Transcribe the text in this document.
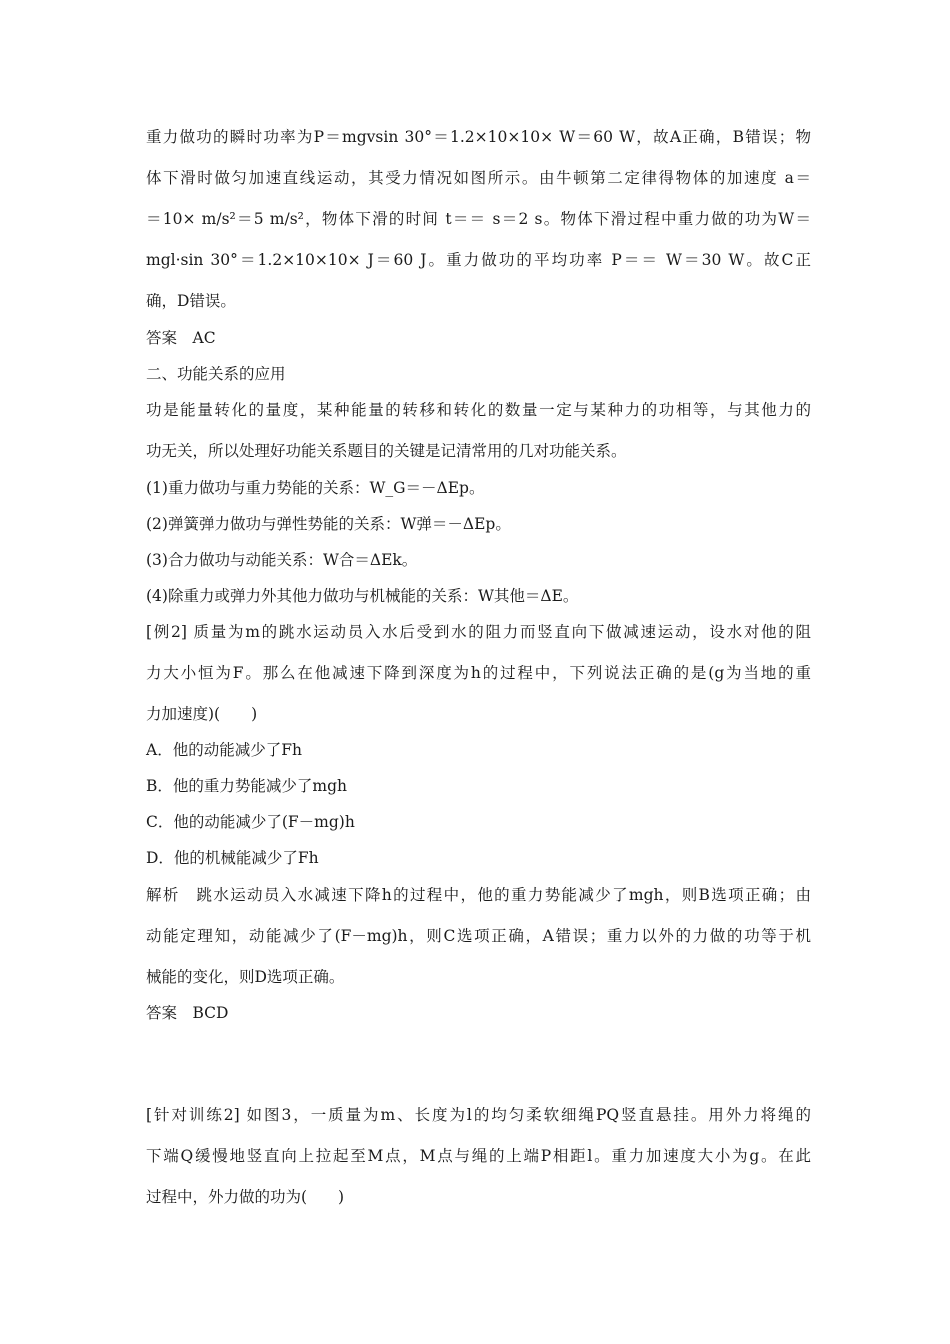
重力做功的瞬时功率为P＝mgvsin 30°＝1.2×10×10× W＝60 W，故A正确，B错误；物
体下滑时做匀加速直线运动，其受力情况如图所示。由牛顿第二定律得物体的加速度 a＝
＝10× m/s²＝5 m/s²，物体下滑的时间 t＝＝ s＝2 s。物体下滑过程中重力做的功为W＝
mgl·sin 30°＝1.2×10×10× J＝60 J。重力做功的平均功率 P＝＝ W＝30 W。故C正
确，D错误。
答案　AC
二、功能关系的应用
功是能量转化的量度，某种能量的转移和转化的数量一定与某种力的功相等，与其他力的
功无关，所以处理好功能关系题目的关键是记清常用的几对功能关系。
(1)重力做功与重力势能的关系：W_G＝－ΔEp。
(2)弹簧弹力做功与弹性势能的关系：W弹＝－ΔEp。
(3)合力做功与动能关系：W合＝ΔEk。
(4)除重力或弹力外其他力做功与机械能的关系：W其他＝ΔE。
[例2] 质量为m的跳水运动员入水后受到水的阻力而竖直向下做减速运动，设水对他的阻
力大小恒为F。那么在他减速下降到深度为h的过程中，下列说法正确的是(g为当地的重
力加速度)(　　)
A．他的动能减少了Fh
B．他的重力势能减少了mgh
C．他的动能减少了(F－mg)h
D．他的机械能减少了Fh
解析　跳水运动员入水减速下降h的过程中，他的重力势能减少了mgh，则B选项正确；由
动能定理知，动能减少了(F－mg)h，则C选项正确，A错误；重力以外的力做的功等于机
械能的变化，则D选项正确。
答案　BCD
[针对训练2] 如图3，一质量为m、长度为l的均匀柔软细绳PQ竖直悬挂。用外力将绳的
下端Q缓慢地竖直向上拉起至M点，M点与绳的上端P相距l。重力加速度大小为g。在此
过程中，外力做的功为(　　)
